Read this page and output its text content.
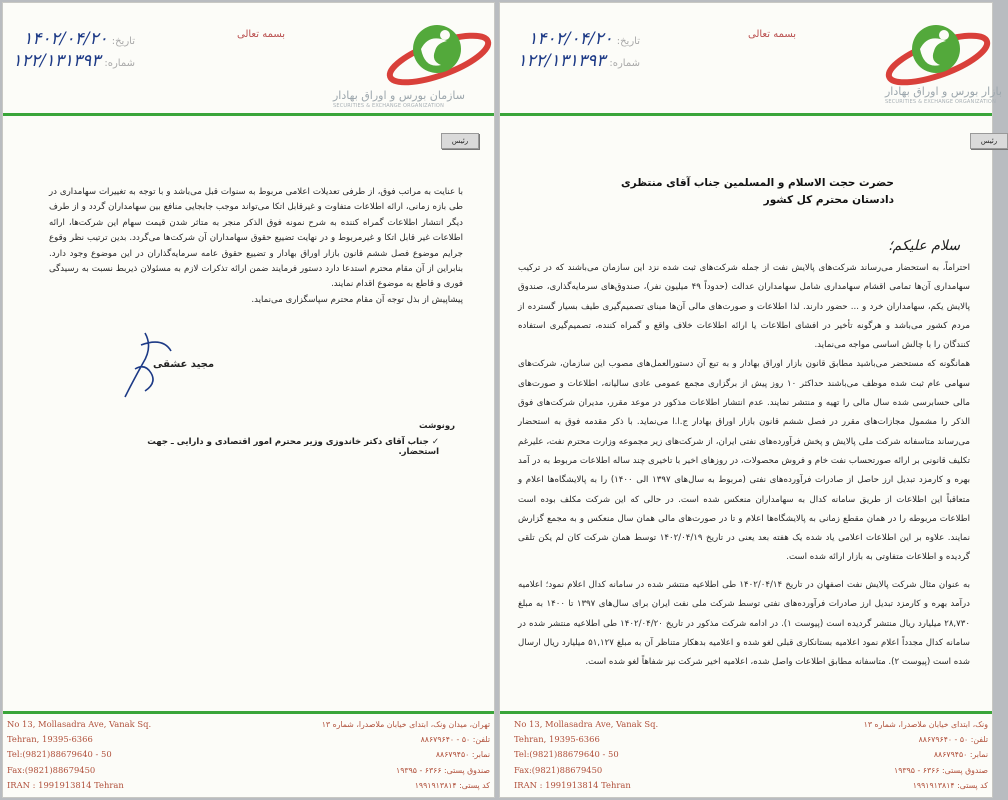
بسمه تعالی
تاریخ:
۱۴۰۲/۰۴/۲۰
شماره:
۱۲۲/۱۳۱۳۹۳
بازار بورس و اوراق بهادار
SECURITIES & EXCHANGE ORGANIZATION
رئیس
حضرت حجت الاسلام و المسلمین جناب آقای منتظری
دادستان محترم کل کشور
سلام علیکم؛

احتراماً، به استحضار می‌رساند شرکت‌های پالایش نفت از جمله شرکت‌های ثبت شده نزد این سازمان می‌باشند که در ترکیب سهامداری آن‌ها تمامی اقشام سهامداری شامل سهامداران عدالت (حدوداً ۴۹ میلیون نفر)، صندوق‌های سرمایه‌گذاری، صندوق پالایش یکم، سهامداران خرد و ... حضور دارند. لذا اطلاعات و صورت‌های مالی آن‌ها مبنای تصمیم‌گیری طیف بسیار گسترده از مردم کشور می‌باشد و هرگونه تأخیر در افشای اطلاعات یا ارائه اطلاعات خلاف واقع و گمراه کننده، تصمیم‌گیری استفاده کنندگان را با چالش اساسی مواجه می‌نماید.

همانگونه که مستحضر می‌باشید مطابق قانون بازار اوراق بهادار و به تبع آن دستورالعمل‌های مصوب این سازمان، شرکت‌های سهامی عام ثبت شده موظف می‌باشند حداکثر ۱۰ روز پیش از برگزاری مجمع عمومی عادی سالیانه، اطلاعات و صورت‌های مالی حسابرسی شده سال مالی را تهیه و منتشر نمایند. عدم انتشار اطلاعات مذکور در موعد مقرر، مدیران شرکت‌های فوق الذکر را مشمول مجازات‌های مقرر در فصل ششم قانون بازار اوراق بهادار ج.ا.ا می‌نماید. با ذکر مقدمه فوق به استحضار می‌رساند متاسفانه شرکت ملی پالایش و پخش فرآورده‌های نفتی ایران، از شرکت‌های زیر مجموعه وزارت محترم نفت، علیرغم تکلیف قانونی بر ارائه صورتحساب نفت خام و فروش محصولات، در روزهای اخیر با تاخیری چند ساله اطلاعات مربوط به در آمد بهره و کارمزد تبدیل ارز حاصل از صادرات فرآورده‌های نفتی (مربوط به سال‌های ۱۳۹۷ الی ۱۴۰۰) را به پالایشگاه‌ها اعلام و متعاقباً این اطلاعات از طریق سامانه کدال به سهامداران منعکس شده است. در حالی که این شرکت مکلف بوده است اطلاعات مربوطه را در همان مقطع زمانی به پالایشگاه‌ها اعلام و تا در صورت‌های مالی همان سال منعکس و به مجمع گزارش نمایند. علاوه بر این اطلاعات اعلامی یاد شده یک هفته بعد یعنی در تاریخ ۱۴۰۲/۰۴/۱۹ توسط همان شرکت کان لم یکن تلقی گردیده و اطلاعات متفاوتی به بازار ارائه شده است.

به عنوان مثال شرکت پالایش نفت اصفهان در تاریخ ۱۴۰۲/۰۴/۱۴ طی اطلاعیه منتشر شده در سامانه کدال اعلام نمود؛ اعلامیه درآمد بهره و کارمزد تبدیل ارز صادرات فرآورده‌های نفتی توسط شرکت ملی نفت ایران برای سال‌های ۱۳۹۷ تا ۱۴۰۰ به مبلغ ۲۸,۷۳۰ میلیارد ریال منتشر گردیده است (پیوست ۱). در ادامه شرکت مذکور در تاریخ ۱۴۰۲/۰۴/۲۰ طی اطلاعیه منتشر شده در سامانه کدال مجدداً اعلام نمود اعلامیه بستانکاری قبلی لغو شده و اعلامیه بدهکار متناظر آن به مبلغ ۵۱,۱۲۷ میلیارد ریال ارسال شده است (پیوست ۲). متاسفانه مطابق اطلاعات واصل شده، اعلامیه اخیر شرکت نیز شفاهاً لغو شده است.

No 13, Mollasadra Ave, Vanak Sq.
Tehran, 19395-6366
Tel:(9821)88679640 - 50
Fax:(9821)88679450
IRAN : 1991913814 Tehran
ونک، ابتدای خیابان ملاصدرا، شماره ۱۳
تلفن: ۵۰ - ۸۸۶۷۹۶۴۰
نمابر: ۸۸۶۷۹۴۵۰
صندوق پستی: ۶۳۶۶ - ۱۹۳۹۵
کد پستی: ۱۹۹۱۹۱۳۸۱۴
بسمه تعالی
تاریخ:
۱۴۰۲/۰۴/۲۰
شماره:
۱۲۲/۱۳۱۳۹۳
سازمان بورس و اوراق بهادار
SECURITIES & EXCHANGE ORGANIZATION
رئیس

با عنایت به مراتب فوق، از طرفی تعدیلات اعلامی مربوط به سنوات قبل می‌باشد و با توجه به تغییرات سهامداری در طی بازه زمانی، ارائه اطلاعات متفاوت و غیرقابل اتکا می‌تواند موجب جابجایی منافع بین سهامداران گردد و از طرف دیگر انتشار اطلاعات گمراه کننده به شرح نمونه فوق الذکر منجر به متاثر شدن قیمت سهام این شرکت‌ها، ارائه اطلاعات غیر قابل اتکا و غیرمربوط و در نهایت تضییع حقوق سهامداران آن شرکت‌ها می‌گردد. بدین ترتیب نظر وقوع جرایم موضوع فصل ششم قانون بازار اوراق بهادار و تضییع حقوق عامه سرمایه‌گذاران در این موضوع وجود دارد. بنابراین از آن مقام محترم استدعا دارد دستور فرمایند ضمن ارائه تذکرات لازم به مسئولان ذیربط نسبت به رسیدگی فوری و قاطع به موضوع اقدام نمایند.

پیشاپیش از بذل توجه آن مقام محترم سپاسگزاری می‌نماید.

مجید عشقی
رونوشت
✓ جناب آقای دکتر خاندوزی وزیر محترم امور اقتصادی و دارایی ـ جهت استحضار.
No 13, Mollasadra Ave, Vanak Sq.
Tehran, 19395-6366
Tel:(9821)88679640 - 50
Fax:(9821)88679450
IRAN : 1991913814 Tehran
تهران، میدان ونک، ابتدای خیابان ملاصدرا، شماره ۱۳
تلفن: ۵۰ - ۸۸۶۷۹۶۴۰
نمابر: ۸۸۶۷۹۴۵۰
صندوق پستی: ۶۳۶۶ - ۱۹۳۹۵
کد پستی: ۱۹۹۱۹۱۳۸۱۴
